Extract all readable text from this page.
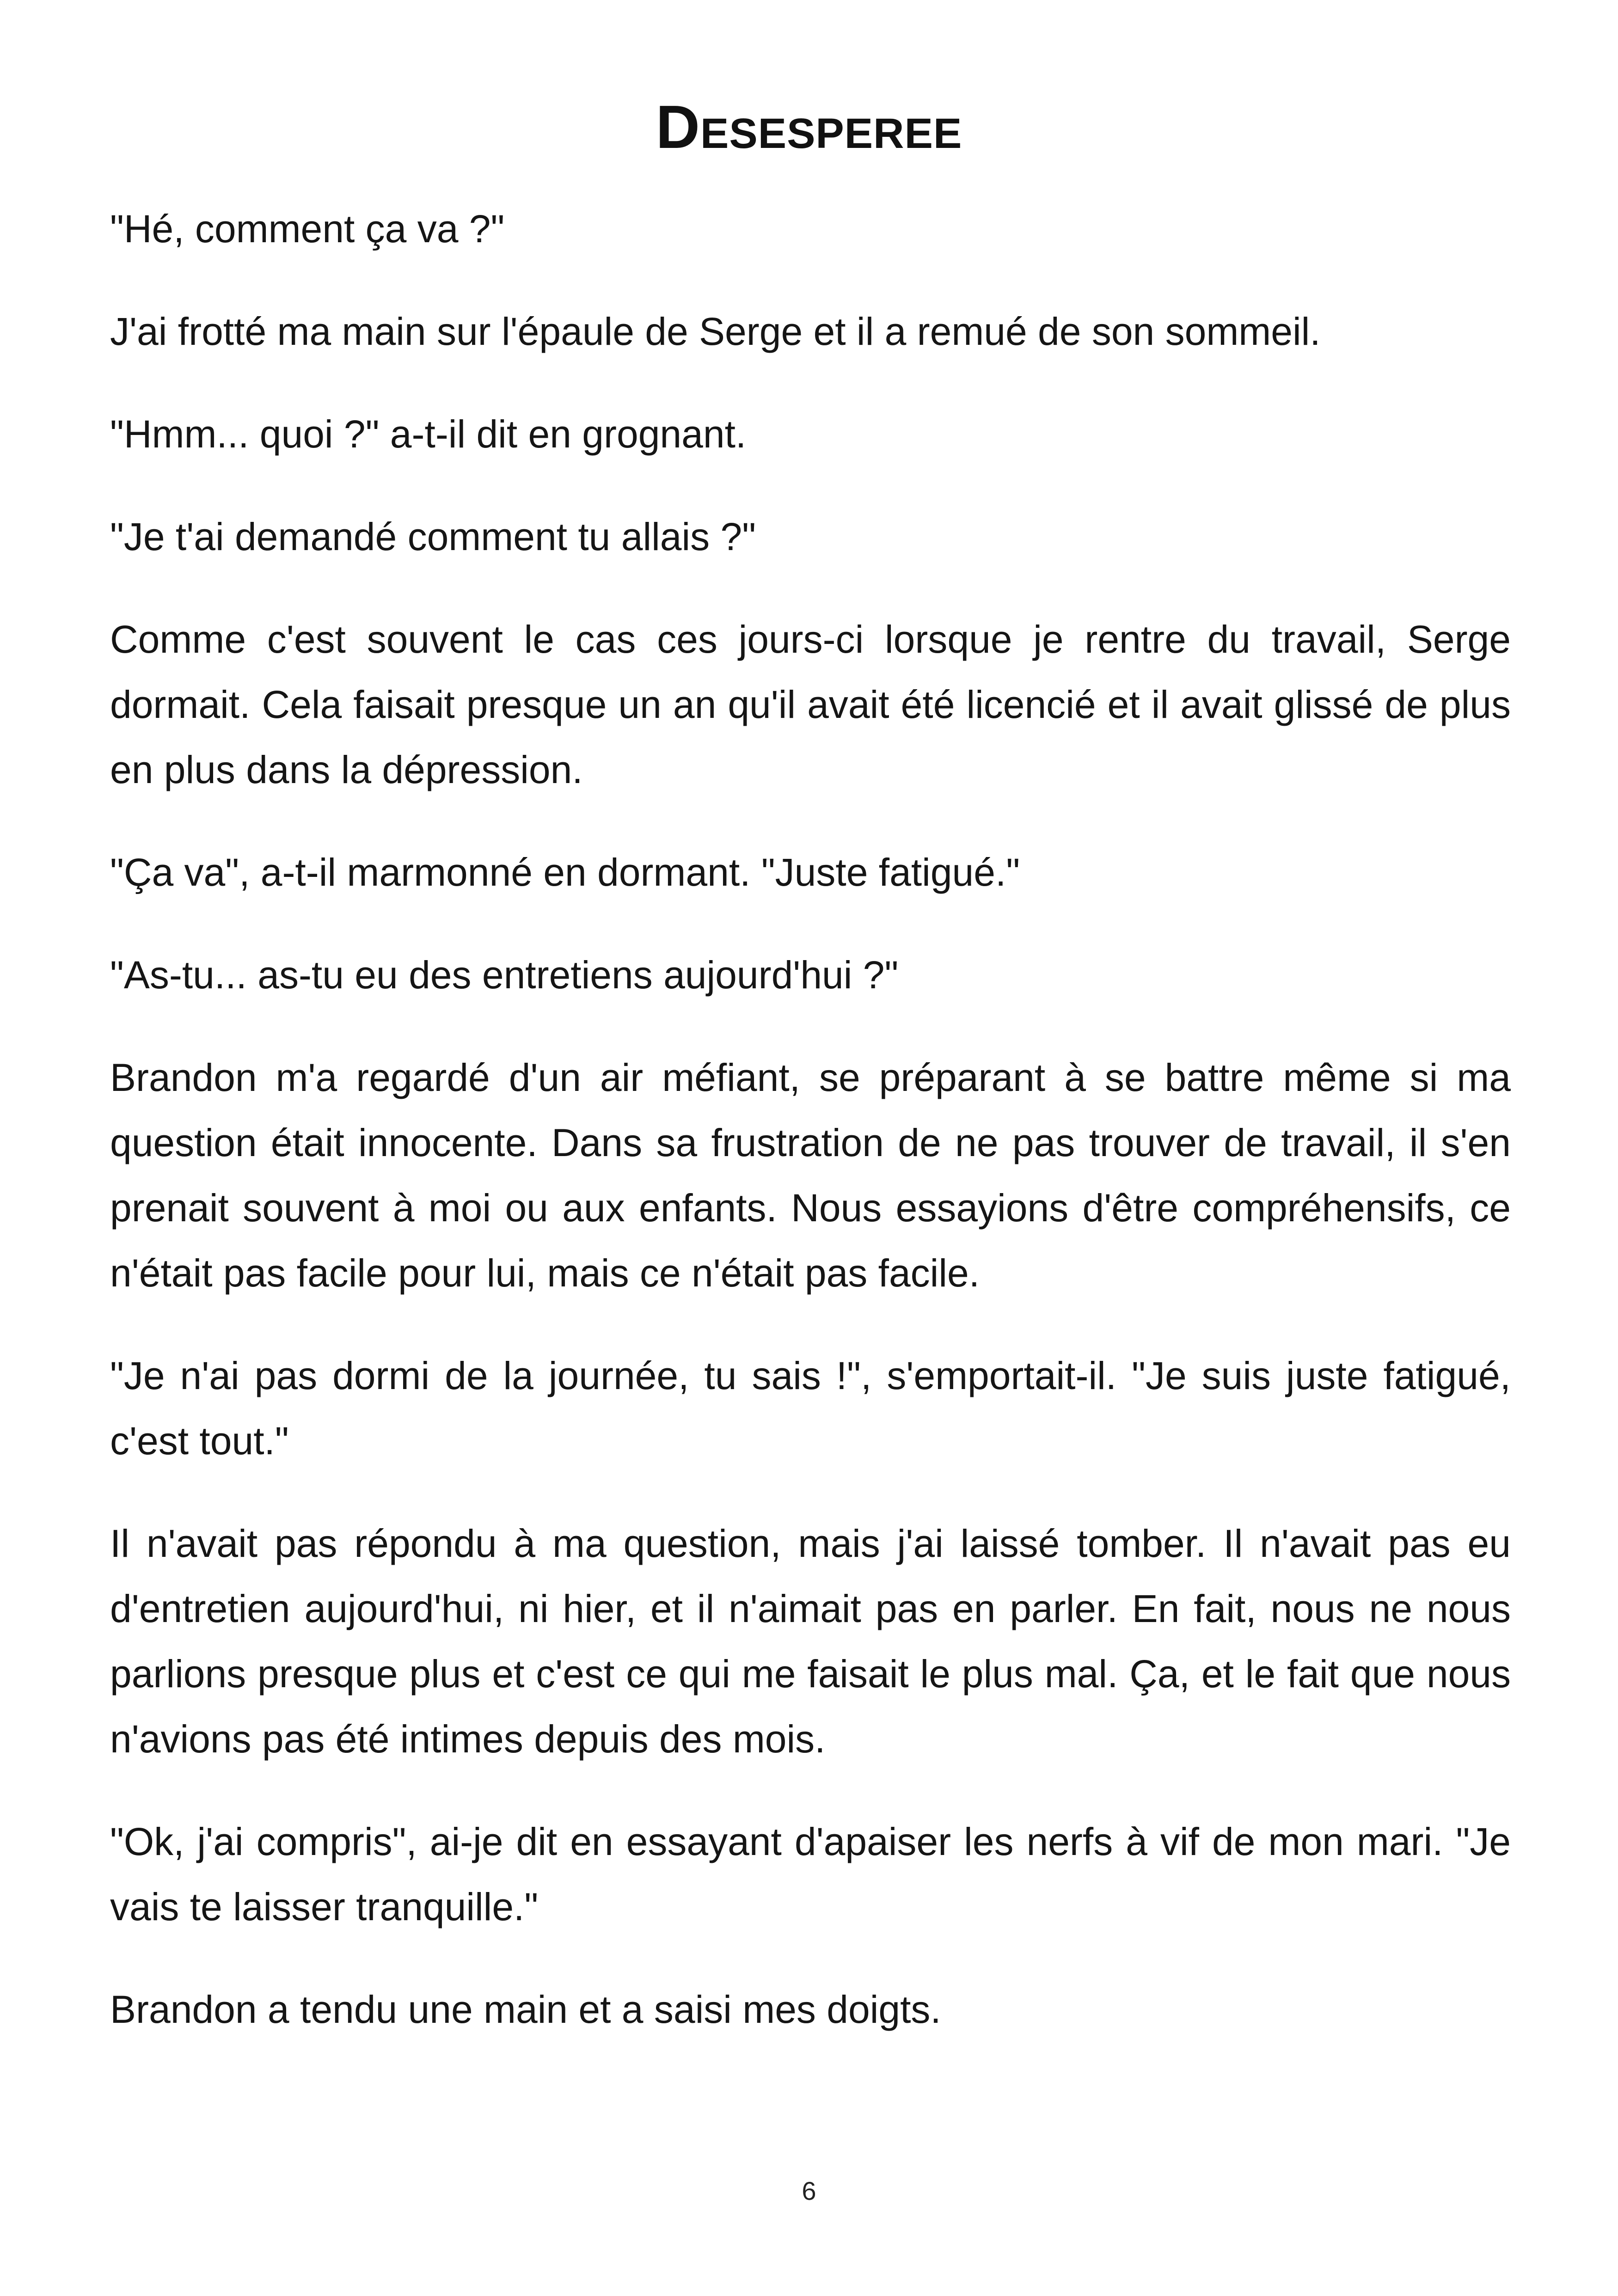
Desesperee

"Hé, comment ça va ?"

J'ai frotté ma main sur l'épaule de Serge et il a remué de son sommeil.

"Hmm... quoi ?" a-t-il dit en grognant.

"Je t'ai demandé comment tu allais ?"

Comme c'est souvent le cas ces jours-ci lorsque je rentre du travail, Serge dormait. Cela faisait presque un an qu'il avait été licencié et il avait glissé de plus en plus dans la dépression.

"Ça va", a-t-il marmonné en dormant. "Juste fatigué."

"As-tu... as-tu eu des entretiens aujourd'hui ?"

Brandon m'a regardé d'un air méfiant, se préparant à se battre même si ma question était innocente. Dans sa frustration de ne pas trouver de travail, il s'en prenait souvent à moi ou aux enfants. Nous essayions d'être compréhensifs, ce n'était pas facile pour lui, mais ce n'était pas facile.

"Je n'ai pas dormi de la journée, tu sais !", s'emportait-il. "Je suis juste fatigué, c'est tout."

Il n'avait pas répondu à ma question, mais j'ai laissé tomber. Il n'avait pas eu d'entretien aujourd'hui, ni hier, et il n'aimait pas en parler. En fait, nous ne nous parlions presque plus et c'est ce qui me faisait le plus mal. Ça, et le fait que nous n'avions pas été intimes depuis des mois.

"Ok, j'ai compris", ai-je dit en essayant d'apaiser les nerfs à vif de mon mari. "Je vais te laisser tranquille."

Brandon a tendu une main et a saisi mes doigts.

6
